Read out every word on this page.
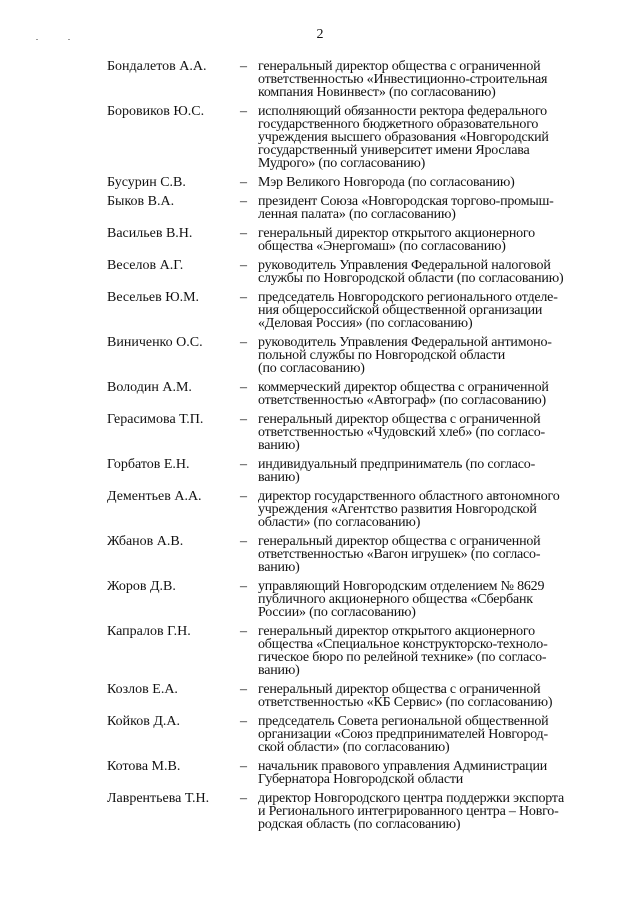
2
Бондалетов А.А. – генеральный директор общества с ограниченной
ответственностью «Инвестиционно-строительная
компания Новинвест» (по согласованию)
Боровиков Ю.С.	– исполняющий обязанности ректора федерального
государственного бюджетного образовательного
учреждения высшего образования «Новгородский
государственный университет имени Ярослава
Мудрого» (по согласованию)
Бусурин С.В.	– Мэр Великого Новгорода (по согласованию)
Быков В.А.	– президент Союза «Новгородская торгово-промыш-
ленная палата» (по согласованию)
Васильев В.Н.	– генеральный директор открытого акционерного
общества «Энергомаш» (по согласованию)
Веселов А.Г.	– руководитель Управления Федеральной налоговой
службы по Новгородской области (по согласованию)
Весельев Ю.М.	– председатель Новгородского регионального отделе-
ния общероссийской общественной организации
«Деловая Россия» (по согласованию)
Виниченко О.С.	– руководитель Управления Федеральной антимоно-
польной службы по Новгородской области
(по согласованию)
Володин А.М.	– коммерческий директор общества с ограниченной
ответственностью «Автограф» (по согласованию)
Герасимова Т.П.	– генеральный директор общества с ограниченной
ответственностью «Чудовский хлеб» (по согласо-
ванию)
Горбатов Е.Н.	– индивидуальный предприниматель (по согласо-
ванию)
Дементьев А.А.	– директор государственного областного автономного
учреждения «Агентство развития Новгородской
области» (по согласованию)
Жбанов А.В.	– генеральный директор общества с ограниченной
ответственностью «Вагон игрушек» (по согласо-
ванию)
Жоров Д.В.	– управляющий Новгородским отделением № 8629
публичного акционерного общества «Сбербанк
России» (по согласованию)
Капралов Г.Н.	– генеральный директор открытого акционерного
общества «Специальное конструкторско-техноло-
гическое бюро по релейной технике» (по согласо-
ванию)
Козлов Е.А.	– генеральный директор общества с ограниченной
ответственностью «КБ Сервис» (по согласованию)
Койков Д.А.	– председатель Совета региональной общественной
организации «Союз предпринимателей Новгород-
ской области» (по согласованию)
Котова М.В.	– начальник правового управления Администрации
Губернатора Новгородской области
Лаврентьева Т.Н. – директор Новгородского центра поддержки экспорта
и Регионального интегрированного центра – Новго-
родская область (по согласованию)
